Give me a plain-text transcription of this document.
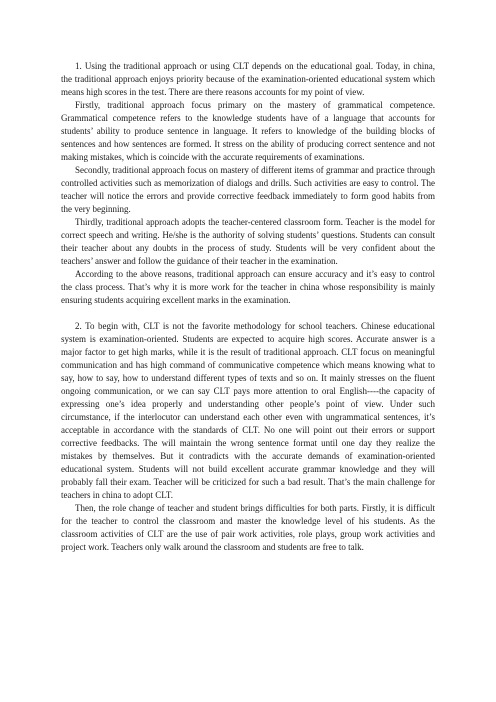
1. Using the traditional approach or using CLT depends on the educational goal. Today, in china, the traditional approach enjoys priority because of the examination-oriented educational system which means high scores in the test. There are there reasons accounts for my point of view.

Firstly, traditional approach focus primary on the mastery of grammatical competence. Grammatical competence refers to the knowledge students have of a language that accounts for students’ ability to produce sentence in language. It refers to knowledge of the building blocks of sentences and how sentences are formed. It stress on the ability of producing correct sentence and not making mistakes, which is coincide with the accurate requirements of examinations.

Secondly, traditional approach focus on mastery of different items of grammar and practice through controlled activities such as memorization of dialogs and drills. Such activities are easy to control. The teacher will notice the errors and provide corrective feedback immediately to form good habits from the very beginning.

Thirdly, traditional approach adopts the teacher-centered classroom form. Teacher is the model for correct speech and writing. He/she is the authority of solving students’ questions. Students can consult their teacher about any doubts in the process of study. Students will be very confident about the teachers’ answer and follow the guidance of their teacher in the examination.

According to the above reasons, traditional approach can ensure accuracy and it’s easy to control the class process. That’s why it is more work for the teacher in china whose responsibility is mainly ensuring students acquiring excellent marks in the examination.

2. To begin with, CLT is not the favorite methodology for school teachers. Chinese educational system is examination-oriented. Students are expected to acquire high scores. Accurate answer is a major factor to get high marks, while it is the result of traditional approach. CLT focus on meaningful communication and has high command of communicative competence which means knowing what to say, how to say, how to understand different types of texts and so on. It mainly stresses on the fluent ongoing communication, or we can say CLT pays more attention to oral English----the capacity of expressing one’s idea properly and understanding other people’s point of view. Under such circumstance, if the interlocutor can understand each other even with ungrammatical sentences, it’s acceptable in accordance with the standards of CLT. No one will point out their errors or support corrective feedbacks. The will maintain the wrong sentence format until one day they realize the mistakes by themselves. But it contradicts with the accurate demands of examination-oriented educational system. Students will not build excellent accurate grammar knowledge and they will probably fall their exam. Teacher will be criticized for such a bad result. That’s the main challenge for teachers in china to adopt CLT.

Then, the role change of teacher and student brings difficulties for both parts. Firstly, it is difficult for the teacher to control the classroom and master the knowledge level of his students. As the classroom activities of CLT are the use of pair work activities, role plays, group work activities and project work. Teachers only walk around the classroom and students are free to talk.
